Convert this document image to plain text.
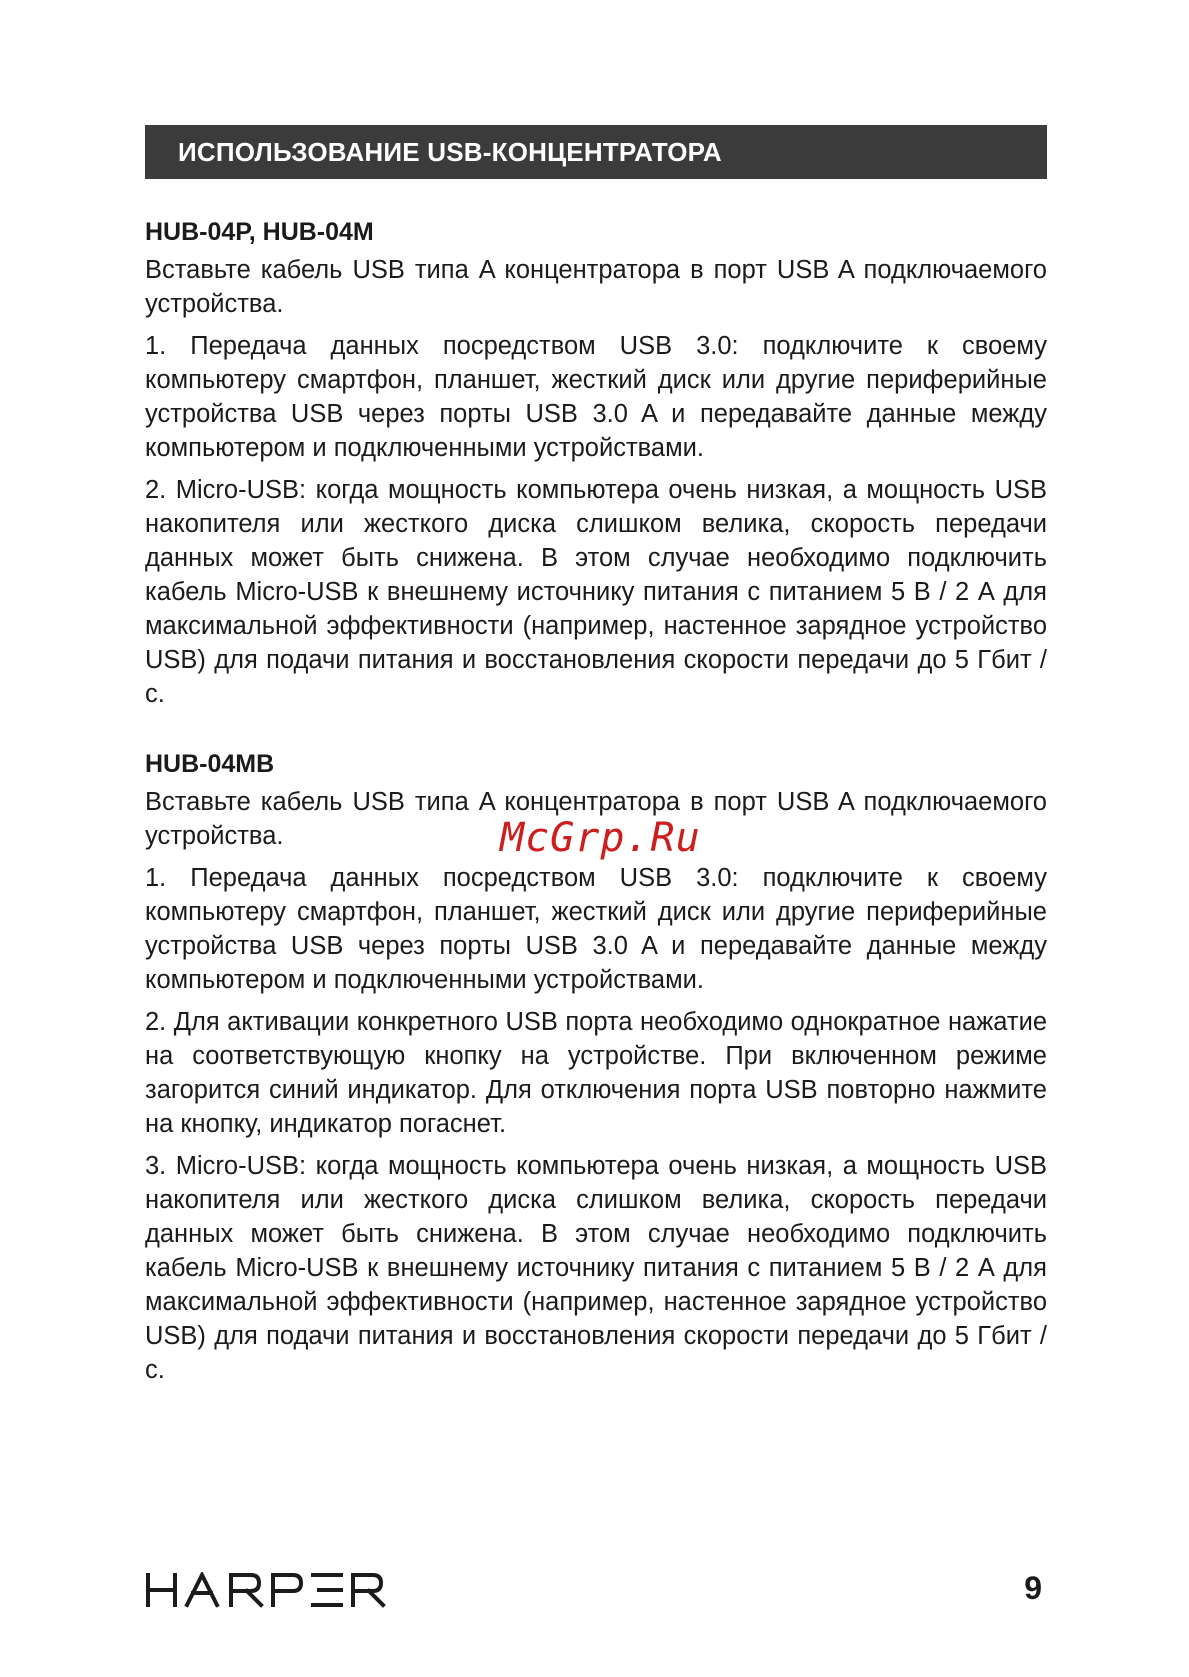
ИСПОЛЬЗОВАНИЕ USB-КОНЦЕНТРАТОРА
HUB-04P, HUB-04M

Вставьте кабель USB типа A концентратора в порт USB A подключаемого устройства.

1. Передача данных посредством USB 3.0: подключите к своему компьютеру смартфон, планшет, жесткий диск или другие периферийные устройства USB через порты USB 3.0 A и передавайте данные между компьютером и подключенными устройствами.

2. Micro-USB: когда мощность компьютера очень низкая, а мощность USB накопителя или жесткого диска слишком велика, скорость передачи данных может быть снижена. В этом случае необходимо подключить кабель Micro-USB к внешнему источнику питания с питанием 5 В / 2 А для максимальной эффективности (например, настенное зарядное устройство USB) для подачи питания и восстановления скорости передачи до 5 Гбит / с.

HUB-04MB

Вставьте кабель USB типа A концентратора в порт USB A подключаемого устройства.

1. Передача данных посредством USB 3.0: подключите к своему компьютеру смартфон, планшет, жесткий диск или другие периферийные устройства USB через порты USB 3.0 A и передавайте данные между компьютером и подключенными устройствами.

2. Для активации конкретного USB порта необходимо однократное нажатие на соответствующую кнопку на устройстве. При включенном режиме загорится синий индикатор. Для отключения порта USB повторно нажмите на кнопку, индикатор погаснет.

3. Micro-USB: когда мощность компьютера очень низкая, а мощность USB накопителя или жесткого диска слишком велика, скорость передачи данных может быть снижена. В этом случае необходимо подключить кабель Micro-USB к внешнему источнику питания с питанием 5 В / 2 А для максимальной эффективности (например, настенное зарядное устройство USB) для подачи питания и восстановления скорости передачи до 5 Гбит / с.

McGrp.Ru
9
